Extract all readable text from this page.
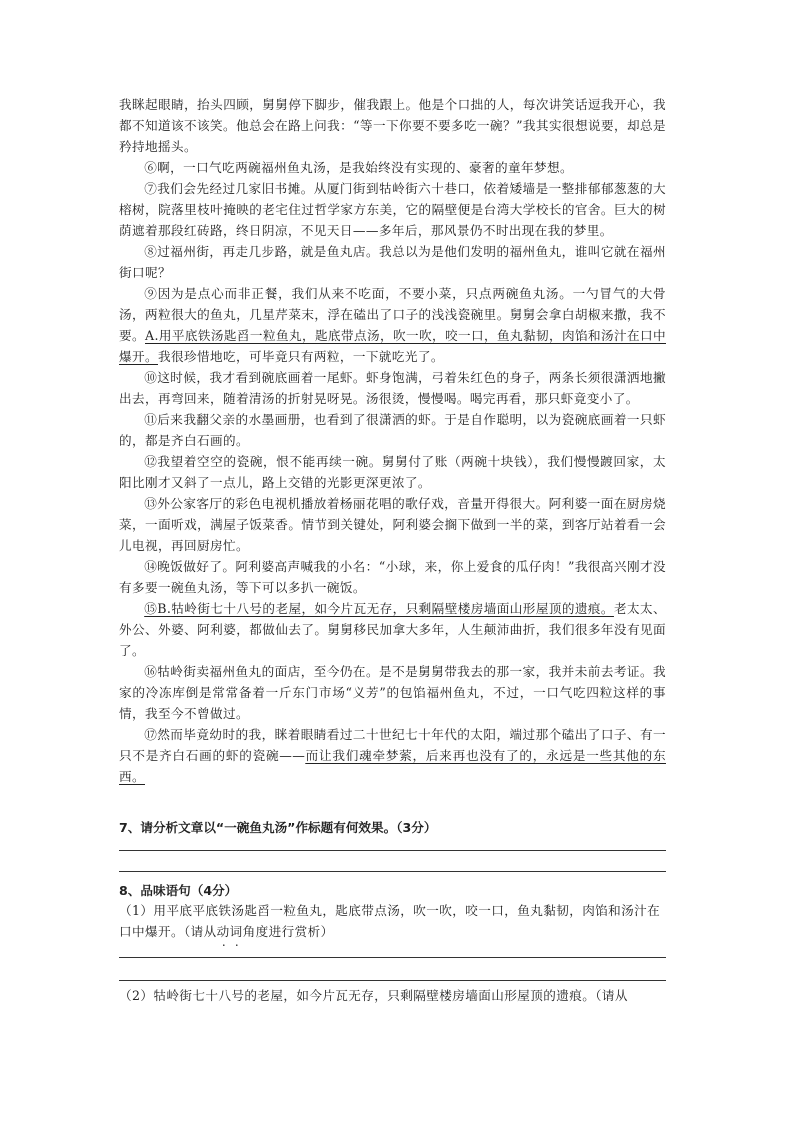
我眯起眼睛，抬头四顾，舅舅停下脚步，催我跟上。他是个口拙的人，每次讲笑话逗我开心，我都不知道该不该笑。他总会在路上问我：“等一下你要不要多吃一碗？”我其实很想说要，却总是矜持地摇头。

⑥啊，一口气吃两碗福州鱼丸汤，是我始终没有实现的、豪奢的童年梦想。

⑦我们会先经过几家旧书摊。从厦门街到牯岭街六十巷口，依着矮墙是一整排郁郁葱葱的大榕树，院落里枝叶掩映的老宅住过哲学家方东美，它的隔壁便是台湾大学校长的官舍。巨大的树荫遮着那段红砖路，终日阴凉，不见天日——多年后，那风景仍不时出现在我的梦里。

⑧过福州街，再走几步路，就是鱼丸店。我总以为是他们发明的福州鱼丸，谁叫它就在福州街口呢？

⑨因为是点心而非正餐，我们从来不吃面，不要小菜，只点两碗鱼丸汤。一勺冒气的大骨汤，两粒很大的鱼丸，几星芹菜末，浮在磕出了口子的浅浅瓷碗里。舅舅会拿白胡椒来撒，我不要。A.用平底铁汤匙舀一粒鱼丸，匙底带点汤，吹一吹，咬一口，鱼丸黏韧，肉馅和汤汁在口中爆开。我很珍惜地吃，可毕竟只有两粒，一下就吃光了。

⑩这时候，我才看到碗底画着一尾虾。虾身饱满，弓着朱红色的身子，两条长须很潇洒地撇出去，再弯回来，随着清汤的折射晃呀晃。汤很烫，慢慢喝。喝完再看，那只虾竟变小了。

⑪后来我翻父亲的水墨画册，也看到了很潇洒的虾。于是自作聪明，以为瓷碗底画着一只虾的，都是齐白石画的。

⑫我望着空空的瓷碗，恨不能再续一碗。舅舅付了账（两碗十块钱），我们慢慢踱回家，太阳比刚才又斜了一点儿，路上交错的光影更深更浓了。

⑬外公家客厅的彩色电视机播放着杨丽花唱的歌仔戏，音量开得很大。阿利婆一面在厨房烧菜，一面听戏，满屋子饭菜香。情节到关键处，阿利婆会搁下做到一半的菜，到客厅站着看一会儿电视，再回厨房忙。

⑭晚饭做好了。阿利婆高声喊我的小名：“小球，来，你上爱食的瓜仔肉！”我很高兴刚才没有多要一碗鱼丸汤，等下可以多扒一碗饭。

⑮B.牯岭街七十八号的老屋，如今片瓦无存，只剩隔壁楼房墙面山形屋顶的遗痕。老太太、外公、外婆、阿利婆，都做仙去了。舅舅移民加拿大多年，人生颠沛曲折，我们很多年没有见面了。

⑯牯岭街卖福州鱼丸的面店，至今仍在。是不是舅舅带我去的那一家，我并未前去考证。我家的冷冻库倒是常常备着一斤东门市场“义芳”的包馅福州鱼丸，不过，一口气吃四粒这样的事情，我至今不曾做过。

⑰然而毕竟幼时的我，眯着眼睛看过二十世纪七十年代的太阳，端过那个磕出了口子、有一只不是齐白石画的虾的瓷碗——而让我们魂牵梦萦，后来再也没有了的，永远是一些其他的东西。

7、请分析文章以“一碗鱼丸汤”作标题有何效果。（3分）
8、品味语句（4分）
（1）用平底平底铁汤匙舀一粒鱼丸，匙底带点汤，吹一吹，咬一口，鱼丸黏韧，肉馅和汤汁在口中爆开。（请从动词角度进行赏析）
（2）牯岭街七十八号的老屋，如今片瓦无存，只剩隔壁楼房墙面山形屋顶的遗痕。（请从
